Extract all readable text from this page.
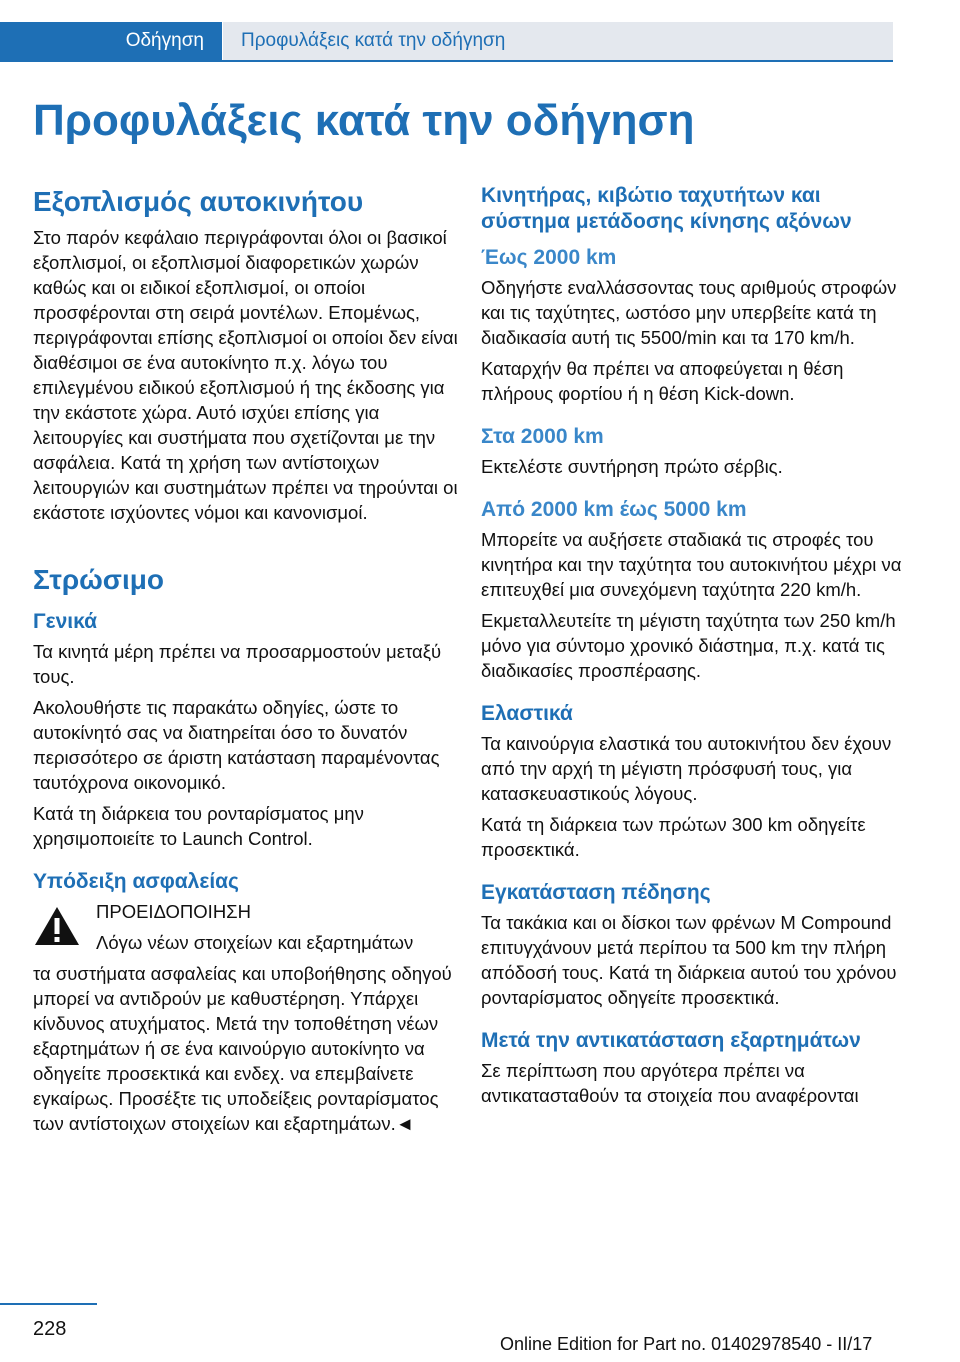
Οδήγηση Προφυλάξεις κατά την οδήγηση
Προφυλάξεις κατά την οδήγηση
Εξοπλισμός αυτοκινήτου

Στο παρόν κεφάλαιο περιγράφονται όλοι οι βασικοί εξοπλισμοί, οι εξοπλισμοί διαφορετικών χωρών καθώς και οι ειδικοί εξοπλισμοί, οι οποίοι προσφέρονται στη σειρά μοντέλων. Επομένως, περιγράφονται επίσης εξοπλισμοί οι οποίοι δεν είναι διαθέσιμοι σε ένα αυτοκίνητο π.χ. λόγω του επιλεγμένου ειδικού εξοπλισμού ή της έκδοσης για την εκάστοτε χώρα. Αυτό ισχύει επίσης για λειτουργίες και συστήματα που σχετίζονται με την ασφάλεια. Κατά τη χρήση των αντίστοιχων λειτουργιών και συστημάτων πρέπει να τηρούνται οι εκάστοτε ισχύοντες νόμοι και κανονισμοί.

Στρώσιμο
Γενικά

Τα κινητά μέρη πρέπει να προσαρμοστούν μεταξύ τους.

Ακολουθήστε τις παρακάτω οδηγίες, ώστε το αυτοκίνητό σας να διατηρείται όσο το δυνατόν περισσότερο σε άριστη κατάσταση παραμένοντας ταυτόχρονα οικονομικό.

Κατά τη διάρκεια του ρονταρίσματος μην χρησιμοποιείτε το Launch Control.

Υπόδειξη ασφαλείας

ΠΡΟΕΙΔΟΠΟΙΗΣΗ

Λόγω νέων στοιχείων και εξαρτημάτων

τα συστήματα ασφαλείας και υποβοήθησης οδηγού μπορεί να αντιδρούν με καθυστέρηση. Υπάρχει κίνδυνος ατυχήματος. Μετά την τοποθέτηση νέων εξαρτημάτων ή σε ένα καινούργιο αυτοκίνητο να οδηγείτε προσεκτικά και ενδεχ. να επεμβαίνετε εγκαίρως. Προσέξτε τις υποδείξεις ρονταρίσματος των αντίστοιχων στοιχείων και εξαρτημάτων.◄

Κινητήρας, κιβώτιο ταχυτήτων και σύστημα μετάδοσης κίνησης αξόνων
Έως 2000 km

Οδηγήστε εναλλάσσοντας τους αριθμούς στροφών και τις ταχύτητες, ωστόσο μην υπερβείτε κατά τη διαδικασία αυτή τις 5500/min και τα 170 km/h.

Καταρχήν θα πρέπει να αποφεύγεται η θέση πλήρους φορτίου ή η θέση Kick-down.

Στα 2000 km

Εκτελέστε συντήρηση πρώτο σέρβις.

Από 2000 km έως 5000 km

Μπορείτε να αυξήσετε σταδιακά τις στροφές του κινητήρα και την ταχύτητα του αυτοκινήτου μέχρι να επιτευχθεί μια συνεχόμενη ταχύτητα 220 km/h.

Εκμεταλλευτείτε τη μέγιστη ταχύτητα των 250 km/h μόνο για σύντομο χρονικό διάστημα, π.χ. κατά τις διαδικασίες προσπέρασης.

Ελαστικά

Τα καινούργια ελαστικά του αυτοκινήτου δεν έχουν από την αρχή τη μέγιστη πρόσφυσή τους, για κατασκευαστικούς λόγους.

Κατά τη διάρκεια των πρώτων 300 km οδηγείτε προσεκτικά.

Εγκατάσταση πέδησης

Τα τακάκια και οι δίσκοι των φρένων M Compound επιτυγχάνουν μετά περίπου τα 500 km την πλήρη απόδοσή τους. Κατά τη διάρκεια αυτού του χρόνου ρονταρίσματος οδηγείτε προσεκτικά.

Μετά την αντικατάσταση εξαρτημάτων

Σε περίπτωση που αργότερα πρέπει να αντικατασταθούν τα στοιχεία που αναφέρονται

228
Online Edition for Part no. 01402978540 - II/17
